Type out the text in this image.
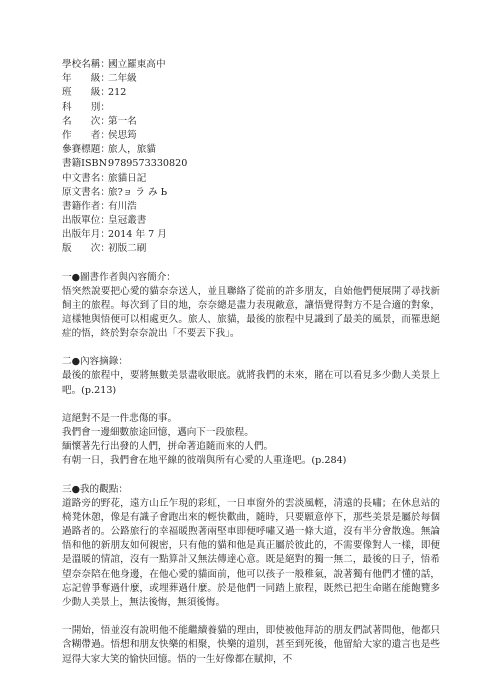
學校名稱：國立羅東高中
年　　級：二年級
班　　級：212
科　　別：
名　　次：第一名
作　　者：侯思筠
參賽標題：旅人，旅貓
書籍ISBN：9789573330820
中文書名：旅貓日記
原文書名：旅?ョ ラ み Ь
書籍作者：有川浩
出版單位：皇冠叢書
出版年月：2014 年 7 月
版　　次：初版二刷
一●圖書作者與內容簡介：

悟突然說要把心愛的貓奈奈送人，並且聯絡了從前的許多朋友，自始他們便展開了尋找新飼主的旅程。每次到了目的地，奈奈總是盡力表現敵意，讓悟覺得對方不是合適的對象，這樣牠與悟便可以相處更久。旅人、旅貓，最後的旅程中見識到了最美的風景，而罹患絕症的悟，終於對奈奈說出「不要丟下我」。

二●內容摘錄：

最後的旅程中，要將無數美景盡收眼底。就將我們的未來，賭在可以看見多少動人美景上吧。(p.213)

這絕對不是一件悲傷的事。

我們會一邊細數旅途回憶，邁向下一段旅程。

緬懷著先行出發的人們，拼命著追隨而來的人們。

有朝一日，我們會在地平線的彼端與所有心愛的人重逢吧。(p.284)

三●我的觀點：

道路旁的野花，遠方山丘乍現的彩虹，一日車窗外的雲淡風輕，清遠的長嘯；在休息站的椅凳休憩，像是有識子會跑出來的輕快歡曲，隨時，只要願意停下，那些美景是屬於每個過路者的。公路旅行的幸福暖煦著兩堅車即便呼嘯又過一條大道，沒有半分會散逸。無論悟和他的新朋友如何親密，只有他的貓和他是真正屬於彼此的，不需要像對人一樣，即便是溫暖的情誼，沒有一點算計又無法傳達心意。既是絕對的獨一無二，最後的日子，悟希望奈奈陪在他身邊，在他心愛的貓面前，他可以孩子一般稚氣，說著獨有他們才懂的話，忘記曾爭奪過什麼，或埋葬過什麼。於是他們一同踏上旅程，既然已把生命賭在能飽覽多少動人美景上，無法後悔，無須後悔。

一開始，悟並沒有說明他不能繼續養貓的理由，即使被他拜訪的朋友們試著問他，他都只含糊帶過。悟想和朋友快樂的相聚，快樂的道別，甚至到死後，他留給大家的遺言也是些逗得大家大笑的愉快回憶。悟的一生好像都在賦抑，不
